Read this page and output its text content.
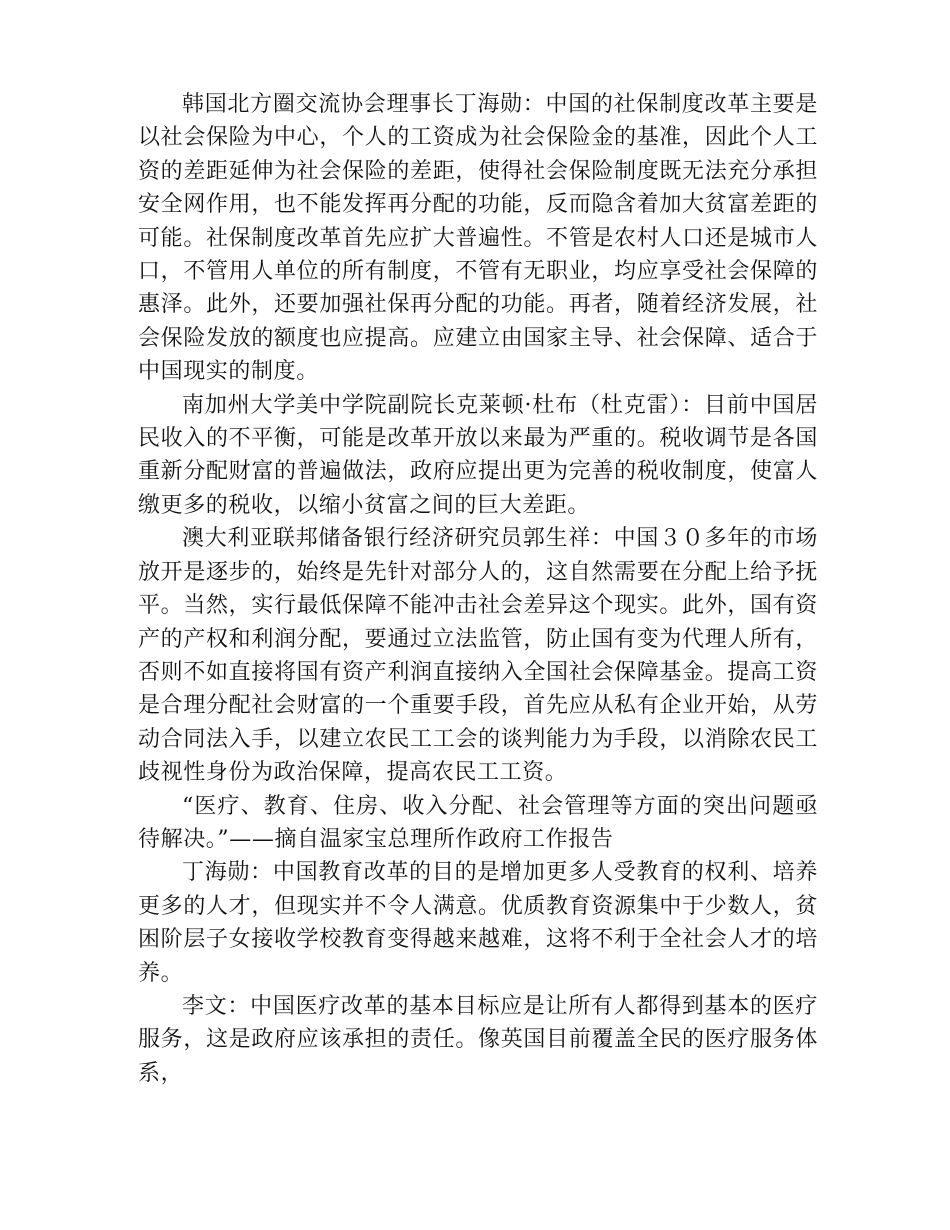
韩国北方圈交流协会理事长丁海勋：中国的社保制度改革主要是以社会保险为中心，个人的工资成为社会保险金的基准，因此个人工资的差距延伸为社会保险的差距，使得社会保险制度既无法充分承担安全网作用，也不能发挥再分配的功能，反而隐含着加大贫富差距的可能。社保制度改革首先应扩大普遍性。不管是农村人口还是城市人口，不管用人单位的所有制度，不管有无职业，均应享受社会保障的惠泽。此外，还要加强社保再分配的功能。再者，随着经济发展，社会保险发放的额度也应提高。应建立由国家主导、社会保障、适合于中国现实的制度。

南加州大学美中学院副院长克莱顿·杜布（杜克雷）：目前中国居民收入的不平衡，可能是改革开放以来最为严重的。税收调节是各国重新分配财富的普遍做法，政府应提出更为完善的税收制度，使富人缴更多的税收，以缩小贫富之间的巨大差距。

澳大利亚联邦储备银行经济研究员郭生祥：中国３０多年的市场放开是逐步的，始终是先针对部分人的，这自然需要在分配上给予抚平。当然，实行最低保障不能冲击社会差异这个现实。此外，国有资产的产权和利润分配，要通过立法监管，防止国有变为代理人所有，否则不如直接将国有资产利润直接纳入全国社会保障基金。提高工资是合理分配社会财富的一个重要手段，首先应从私有企业开始，从劳动合同法入手，以建立农民工工会的谈判能力为手段，以消除农民工歧视性身份为政治保障，提高农民工工资。

“医疗、教育、住房、收入分配、社会管理等方面的突出问题亟待解决。”——摘自温家宝总理所作政府工作报告

丁海勋：中国教育改革的目的是增加更多人受教育的权利、培养更多的人才，但现实并不令人满意。优质教育资源集中于少数人，贫困阶层子女接收学校教育变得越来越难，这将不利于全社会人才的培养。

李文：中国医疗改革的基本目标应是让所有人都得到基本的医疗服务，这是政府应该承担的责任。像英国目前覆盖全民的医疗服务体系，
